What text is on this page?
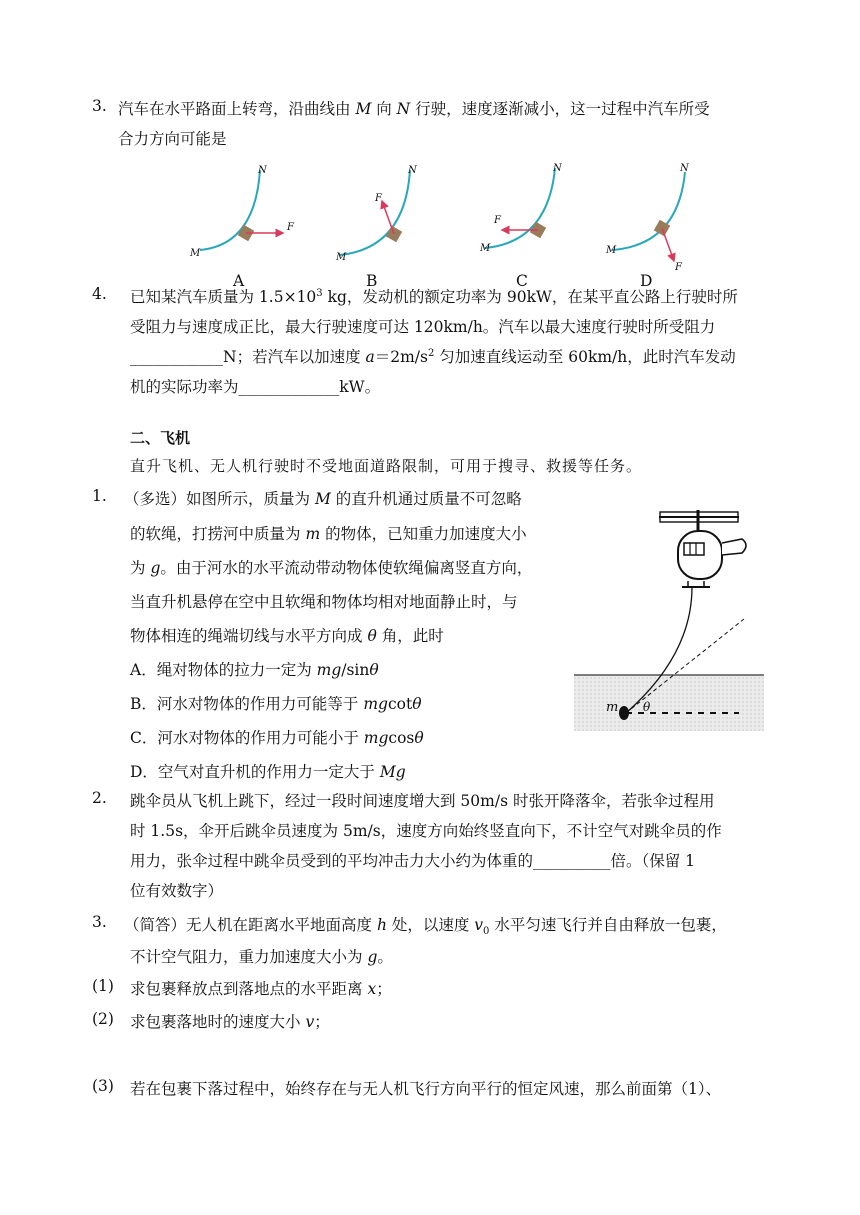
3. 汽车在水平路面上转弯，沿曲线由 M 向 N 行驶，速度逐渐减小，这一过程中汽车所受
合力方向可能是
N
F
M
A
N
F
M
B
N
F
M
C
N
F
M
D
4. 已知某汽车质量为 $1.5\times 10^3$ kg，发动机的额定功率为 90kW，在某平直公路上行驶时所
受阻力与速度成正比，最大行驶速度可达 120km/h。汽车以最大速度行驶时所受阻力
____________N；若汽车以加速度 $a=2m/s^2$ 匀加速直线运动至 60km/h，此时汽车发动
机的实际功率为_____________kW。
二、飞机
直升飞机、无人机行驶时不受地面道路限制，可用于搜寻、救援等任务。
1. （多选）如图所示，质量为 M 的直升机通过质量不可忽略
的软绳，打捞河中质量为 m 的物体，已知重力加速度大小
为 g。由于河水的水平流动带动物体使软绳偏离竖直方向，
当直升机悬停在空中且软绳和物体均相对地面静止时，与
物体相连的绳端切线与水平方向成 θ 角，此时
A．绳对物体的拉力一定为 mg/sinθ
B．河水对物体的作用力可能等于 mgcotθ
C．河水对物体的作用力可能小于 mgcosθ
D．空气对直升机的作用力一定大于 Mg
m θ
2. 跳伞员从飞机上跳下，经过一段时间速度增大到 50m/s 时张开降落伞，若张伞过程用
时 1.5s，伞开后跳伞员速度为 5m/s，速度方向始终竖直向下，不计空气对跳伞员的作
用力，张伞过程中跳伞员受到的平均冲击力大小约为体重的__________倍。（保留 1
位有效数字）
3. （简答）无人机在距离水平地面高度 h 处，以速度 $v_0$ 水平匀速飞行并自由释放一包裹，
不计空气阻力，重力加速度大小为 g。
(1) 求包裹释放点到落地点的水平距离 x；
(2) 求包裹落地时的速度大小 v；
(3) 若在包裹下落过程中，始终存在与无人机飞行方向平行的恒定风速，那么前面第（1）、
